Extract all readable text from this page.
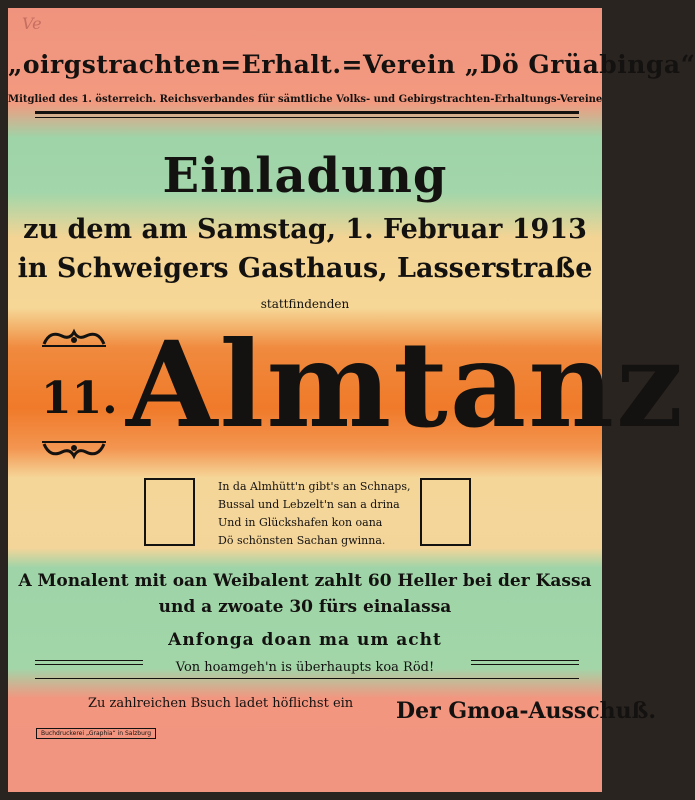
Ve
„oirgstrachten=Erhalt.=Verein „Dö Grüabinga“
Mitglied des 1. österreich. Reichsverbandes für sämtliche Volks- und Gebirgstrachten-Erhaltungs-Vereine
Einladung
zu dem am Samstag, 1. Februar 1913
in Schweigers Gasthaus, Lasserstraße
stattfindenden
11. Almtanz
In da Almhütt'n gibt's an Schnaps,
Bussal und Lebzelt'n san a drina
Und in Glückshafen kon oana
Dö schönsten Sachan gwinna.
A Monalent mit oan Weibalent zahlt 60 Heller bei der Kassa
und a zwoate 30 fürs einalassa
Anfonga doan ma um acht
Von hoamgeh'n is überhaupts koa Röd!
Zu zahlreichen Bsuch ladet höflichst ein Der Gmoa-Ausschuß.
Buchdruckerei „Graphia“ in Salzburg
